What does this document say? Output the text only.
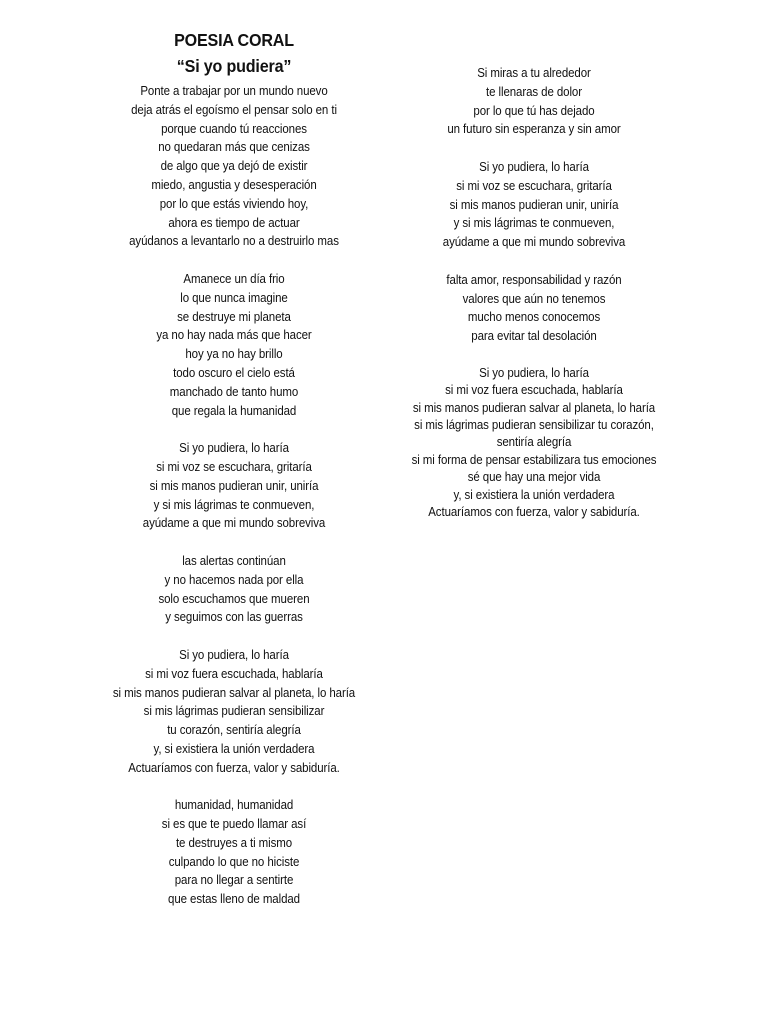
POESIA CORAL
“Si yo pudiera”
Ponte a trabajar por un mundo nuevo
deja atrás el egoísmo el pensar solo en ti
porque cuando tú reacciones
no quedaran más que cenizas
de algo que ya dejó de existir
miedo, angustia y desesperación
por lo que estás viviendo hoy,
ahora es tiempo de actuar
ayúdanos a levantarlo no a destruirlo mas
Amanece un día frio
lo que nunca imagine
se destruye mi planeta
ya no hay nada más que hacer
hoy ya no hay brillo
todo oscuro el cielo está
manchado de tanto humo
que regala la humanidad
Si yo pudiera, lo haría
si mi voz se escuchara, gritaría
si mis manos pudieran unir, uniría
y si mis lágrimas te conmueven,
ayúdame a que mi mundo sobreviva
las alertas continúan
y no hacemos nada por ella
solo escuchamos que mueren
y seguimos con las guerras
Si yo pudiera, lo haría
si mi voz fuera escuchada, hablaría
si mis manos pudieran salvar al planeta, lo haría
si mis lágrimas pudieran sensibilizar
tu corazón, sentiría alegría
y, si existiera la unión verdadera
Actuaríamos con fuerza, valor y sabiduría.
humanidad, humanidad
si es que te puedo llamar así
te destruyes a ti mismo
culpando lo que no hiciste
para no llegar a sentirte
que estas lleno de maldad
Si miras a tu alrededor
te llenaras de dolor
por lo que tú has dejado
un futuro sin esperanza y sin amor
Si yo pudiera, lo haría
si mi voz se escuchara, gritaría
si mis manos pudieran unir, uniría
y si mis lágrimas te conmueven,
ayúdame a que mi mundo sobreviva
falta amor, responsabilidad y razón
valores que aún no tenemos
mucho menos conocemos
para evitar tal desolación
Si yo pudiera, lo haría
si mi voz fuera escuchada, hablaría
si mis manos pudieran salvar al planeta, lo haría
si mis lágrimas pudieran sensibilizar tu corazón,
sentiría alegría
si mi forma de pensar estabilizara tus emociones
sé que hay una mejor vida
y, si existiera la unión verdadera
Actuaríamos con fuerza, valor y sabiduría.
